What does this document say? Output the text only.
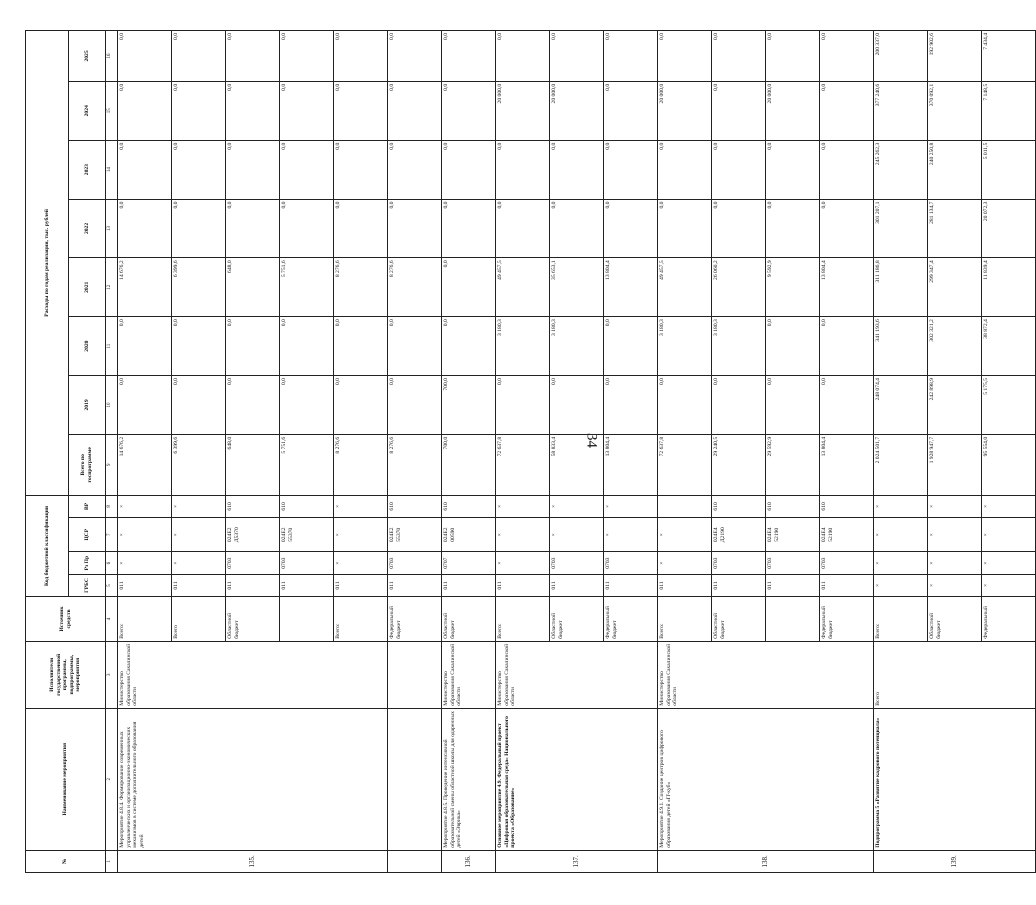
34
№	Наименование мероприятия	Исполнители государственной программы, подпрограммы, мероприятия	Источник средств	Код бюджетной классификации				Расходы по годам реализации, тыс. рублей							
				ГРБС	Рз Пр	ЦСР	ВР	Всего по госпрограмме	2019	2020	2021	2022	2023	2024	2025
1	2	3	4	5	6	7	8	9	10	11	12	13	14	15	16
135.	Мероприятие 4.8.4. Формирование современных управленческих и организационно-экономических механизмов в системе дополнительного образования детей	Министерство образования Сахалинской области	Всего:	011	×	×	×	14 676,2	0,0	0,0	14 676,2	0,0	0,0	0,0	0,0
			Всего	011	×	×	×	6 399,6	0,0	0,0	6 399,6	0,0	0,0	0,0	0,0
			Областной бюджет	011	0703	024Е2 Д5370	610	648,0	0,0	0,0	648,0	0,0	0,0	0,0	0,0
				011	0703	024Е2 55370	610	5 751,6	0,0	0,0	5 751,6	0,0	0,0	0,0	0,0
			Всего:	011	×	×	×	8 276,6	0,0	0,0	8 276,6	0,0	0,0	0,0	0,0
			Федеральный бюджет	011	0703	024Е2 55370	610	8 276,6	0,0	0,0	8 276,6	0,0	0,0	0,0	0,0
136.	Мероприятие 4.8.5. Проведение интенсивной образовательной смены областной школы для одаренных детей «Эврика»	Министерство образования Сахалинской области	Областной бюджет	011	0707	024Е2 00590	610	700,0	700,0	0,0	0,0	0,0	0,0	0,0	0,0
137.	Основное мероприятие 4.9. Федеральный проект «Цифровая образовательная среда» Национального проекта «Образование»	Министерство образования Сахалинской области	Всего:	011	×	×	×	72 637,8	0,0	3 180,3	49 457,5	0,0	0,0	20 000,0	0,0
			Областной бюджет	011	0703	×	×	58 833,4	0,0	3 180,3	35 653,1	0,0	0,0	20 000,0	0,0
			Федеральный бюджет	011	0703	×	×	13 804,4	0,0	0,0	13 804,4	0,0	0,0	0,0	0,0
138.	Мероприятие 4.9.1. Создание центров цифрового образования детей «IT-куб»	Министерство образования Сахалинской области	Всего:	011	×	×		72 637,8	0,0	3 180,3	49 457,5	0,0	0,0	20 000,0	0,0
			Областной бюджет	011	0703	024Е4 Д2190	610	29 240,5	0,0	3 180,3	26 060,2	0,0	0,0	0,0	0,0
				011	0703	024Е4 52190	610	29 592,9	0,0	0,0	9 592,9	0,0	0,0	20 000,0	0,0
			Федеральный бюджет	011	0703	024Е4 52190	610	13 804,4	0,0	0,0	13 804,4	0,0	0,0	0,0	0,0
139.	Подпрограмма 5 «Развитие кадрового потенциала»	Всего	Всего:	×	×	×	×	2 024 501,7	248 074,4	341 193,6	311 186,8	301 207,1	245 262,3	377 240,6	200 337,0
			Областной бюджет	×	×	×	×	1 928 947,7	242 898,9	302 321,2	299 347,4	281 134,7	240 250,8	370 092,1	192 902,6
			Федеральный	×	×	×	×	95 554,0	5 175,5	38 872,4	11 839,4	20 072,3	5 011,5	7 148,5	7 434,4
